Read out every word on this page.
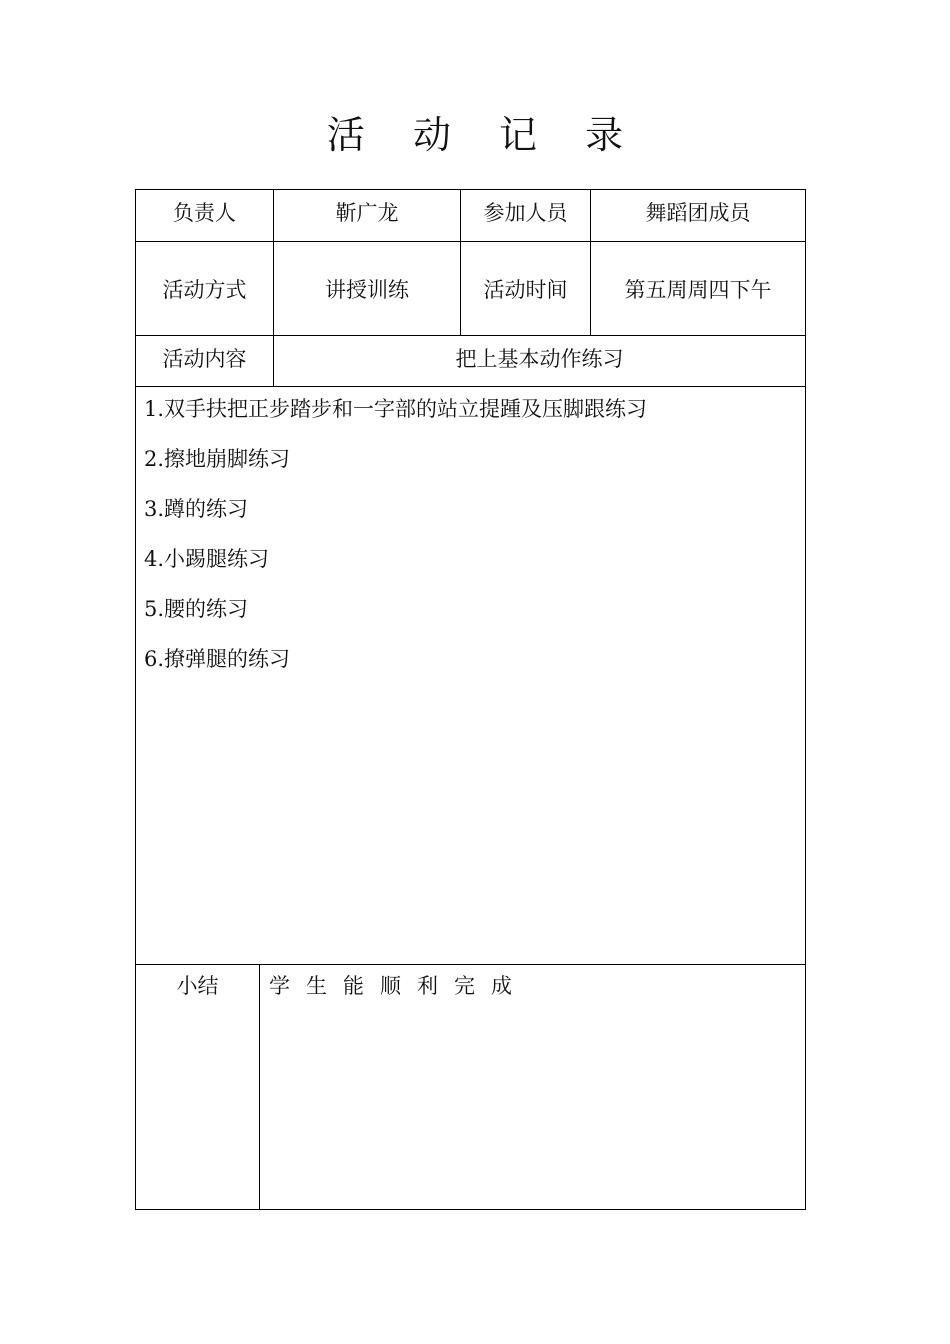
活 动 记 录
负责人	靳广龙	参加人员	舞蹈团成员
活动方式	讲授训练	活动时间	第五周周四下午
活动内容	把上基本动作练习
1.双手扶把正步踏步和一字部的站立提踵及压脚跟练习
2.擦地崩脚练习
3.蹲的练习
4.小踢腿练习
5.腰的练习
6.撩弹腿的练习
小结	学生能顺利完成
